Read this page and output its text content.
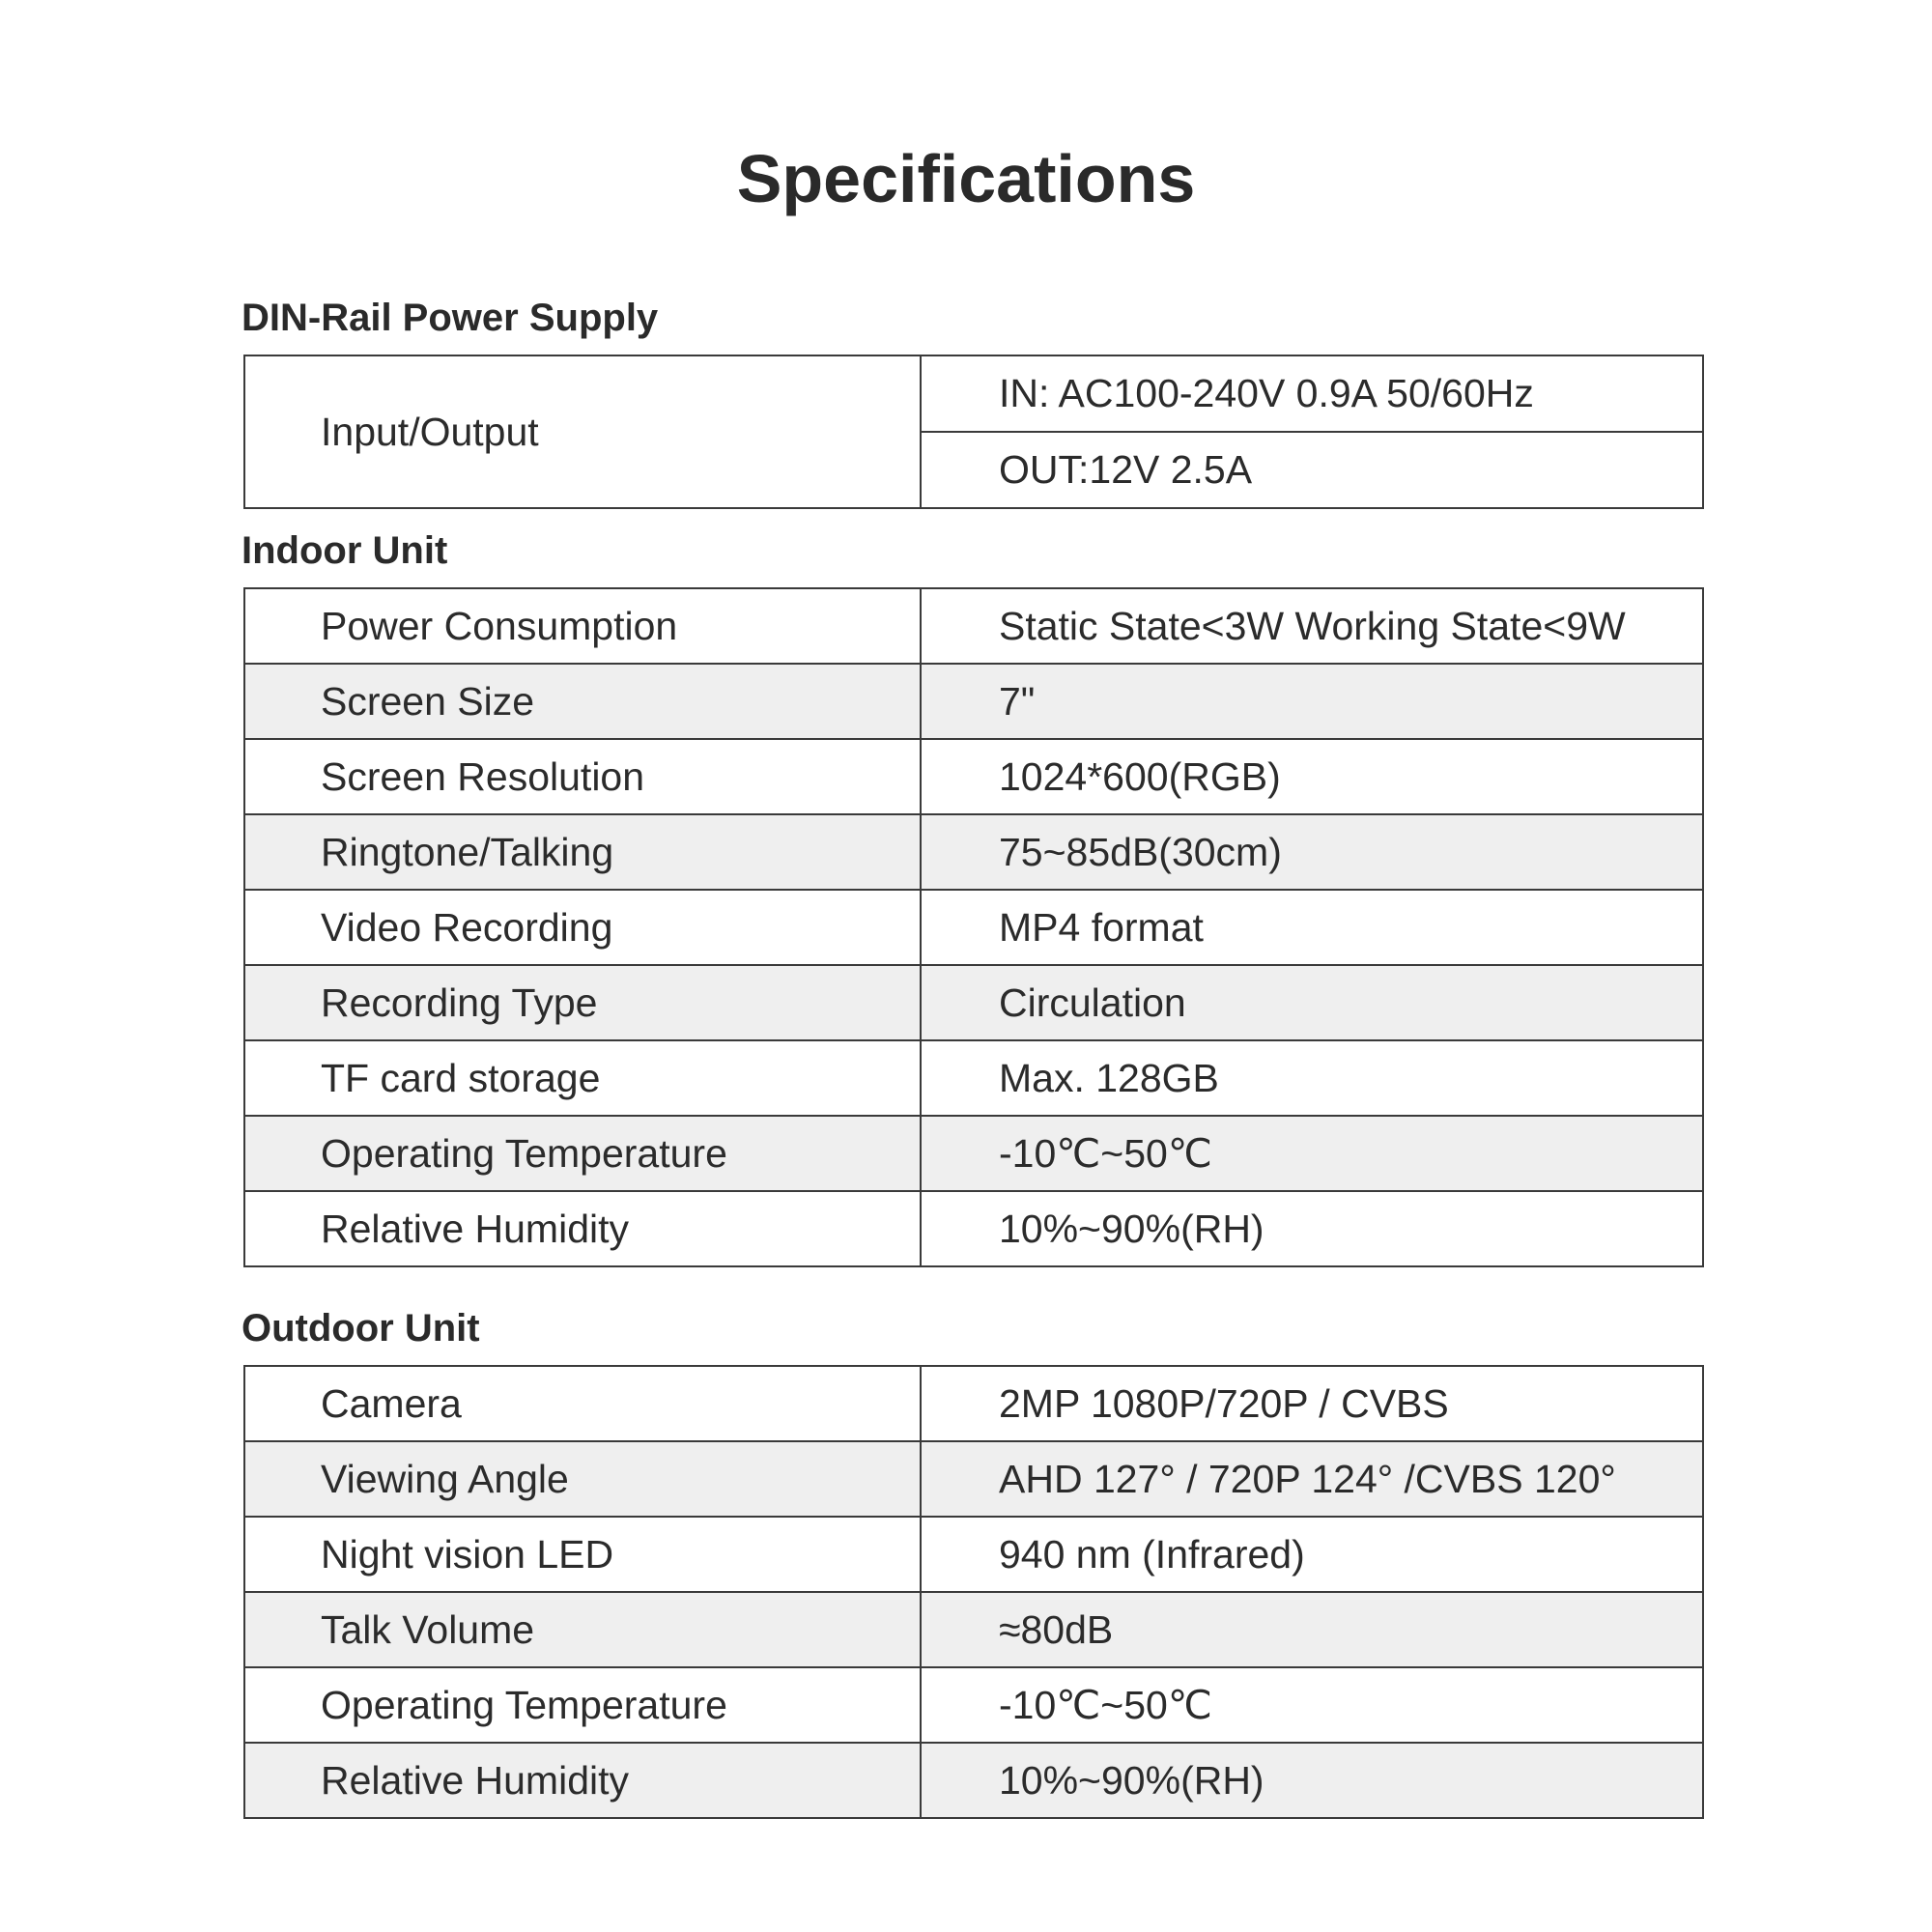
Specifications
DIN-Rail Power Supply
Input/Output	IN: AC100-240V 0.9A 50/60Hz
OUT:12V 2.5A
Indoor Unit
Power Consumption	Static State<3W Working State<9W
Screen Size	7"
Screen Resolution	1024*600(RGB)
Ringtone/Talking	75~85dB(30cm)
Video Recording	MP4 format
Recording Type	Circulation
TF card storage	Max. 128GB
Operating Temperature	-10℃~50℃
Relative Humidity	10%~90%(RH)
Outdoor Unit
Camera	2MP 1080P/720P / CVBS
Viewing Angle	AHD 127° / 720P 124° /CVBS 120°
Night vision LED	940 nm (Infrared)
Talk Volume	≈80dB
Operating Temperature	-10℃~50℃
Relative Humidity	10%~90%(RH)
